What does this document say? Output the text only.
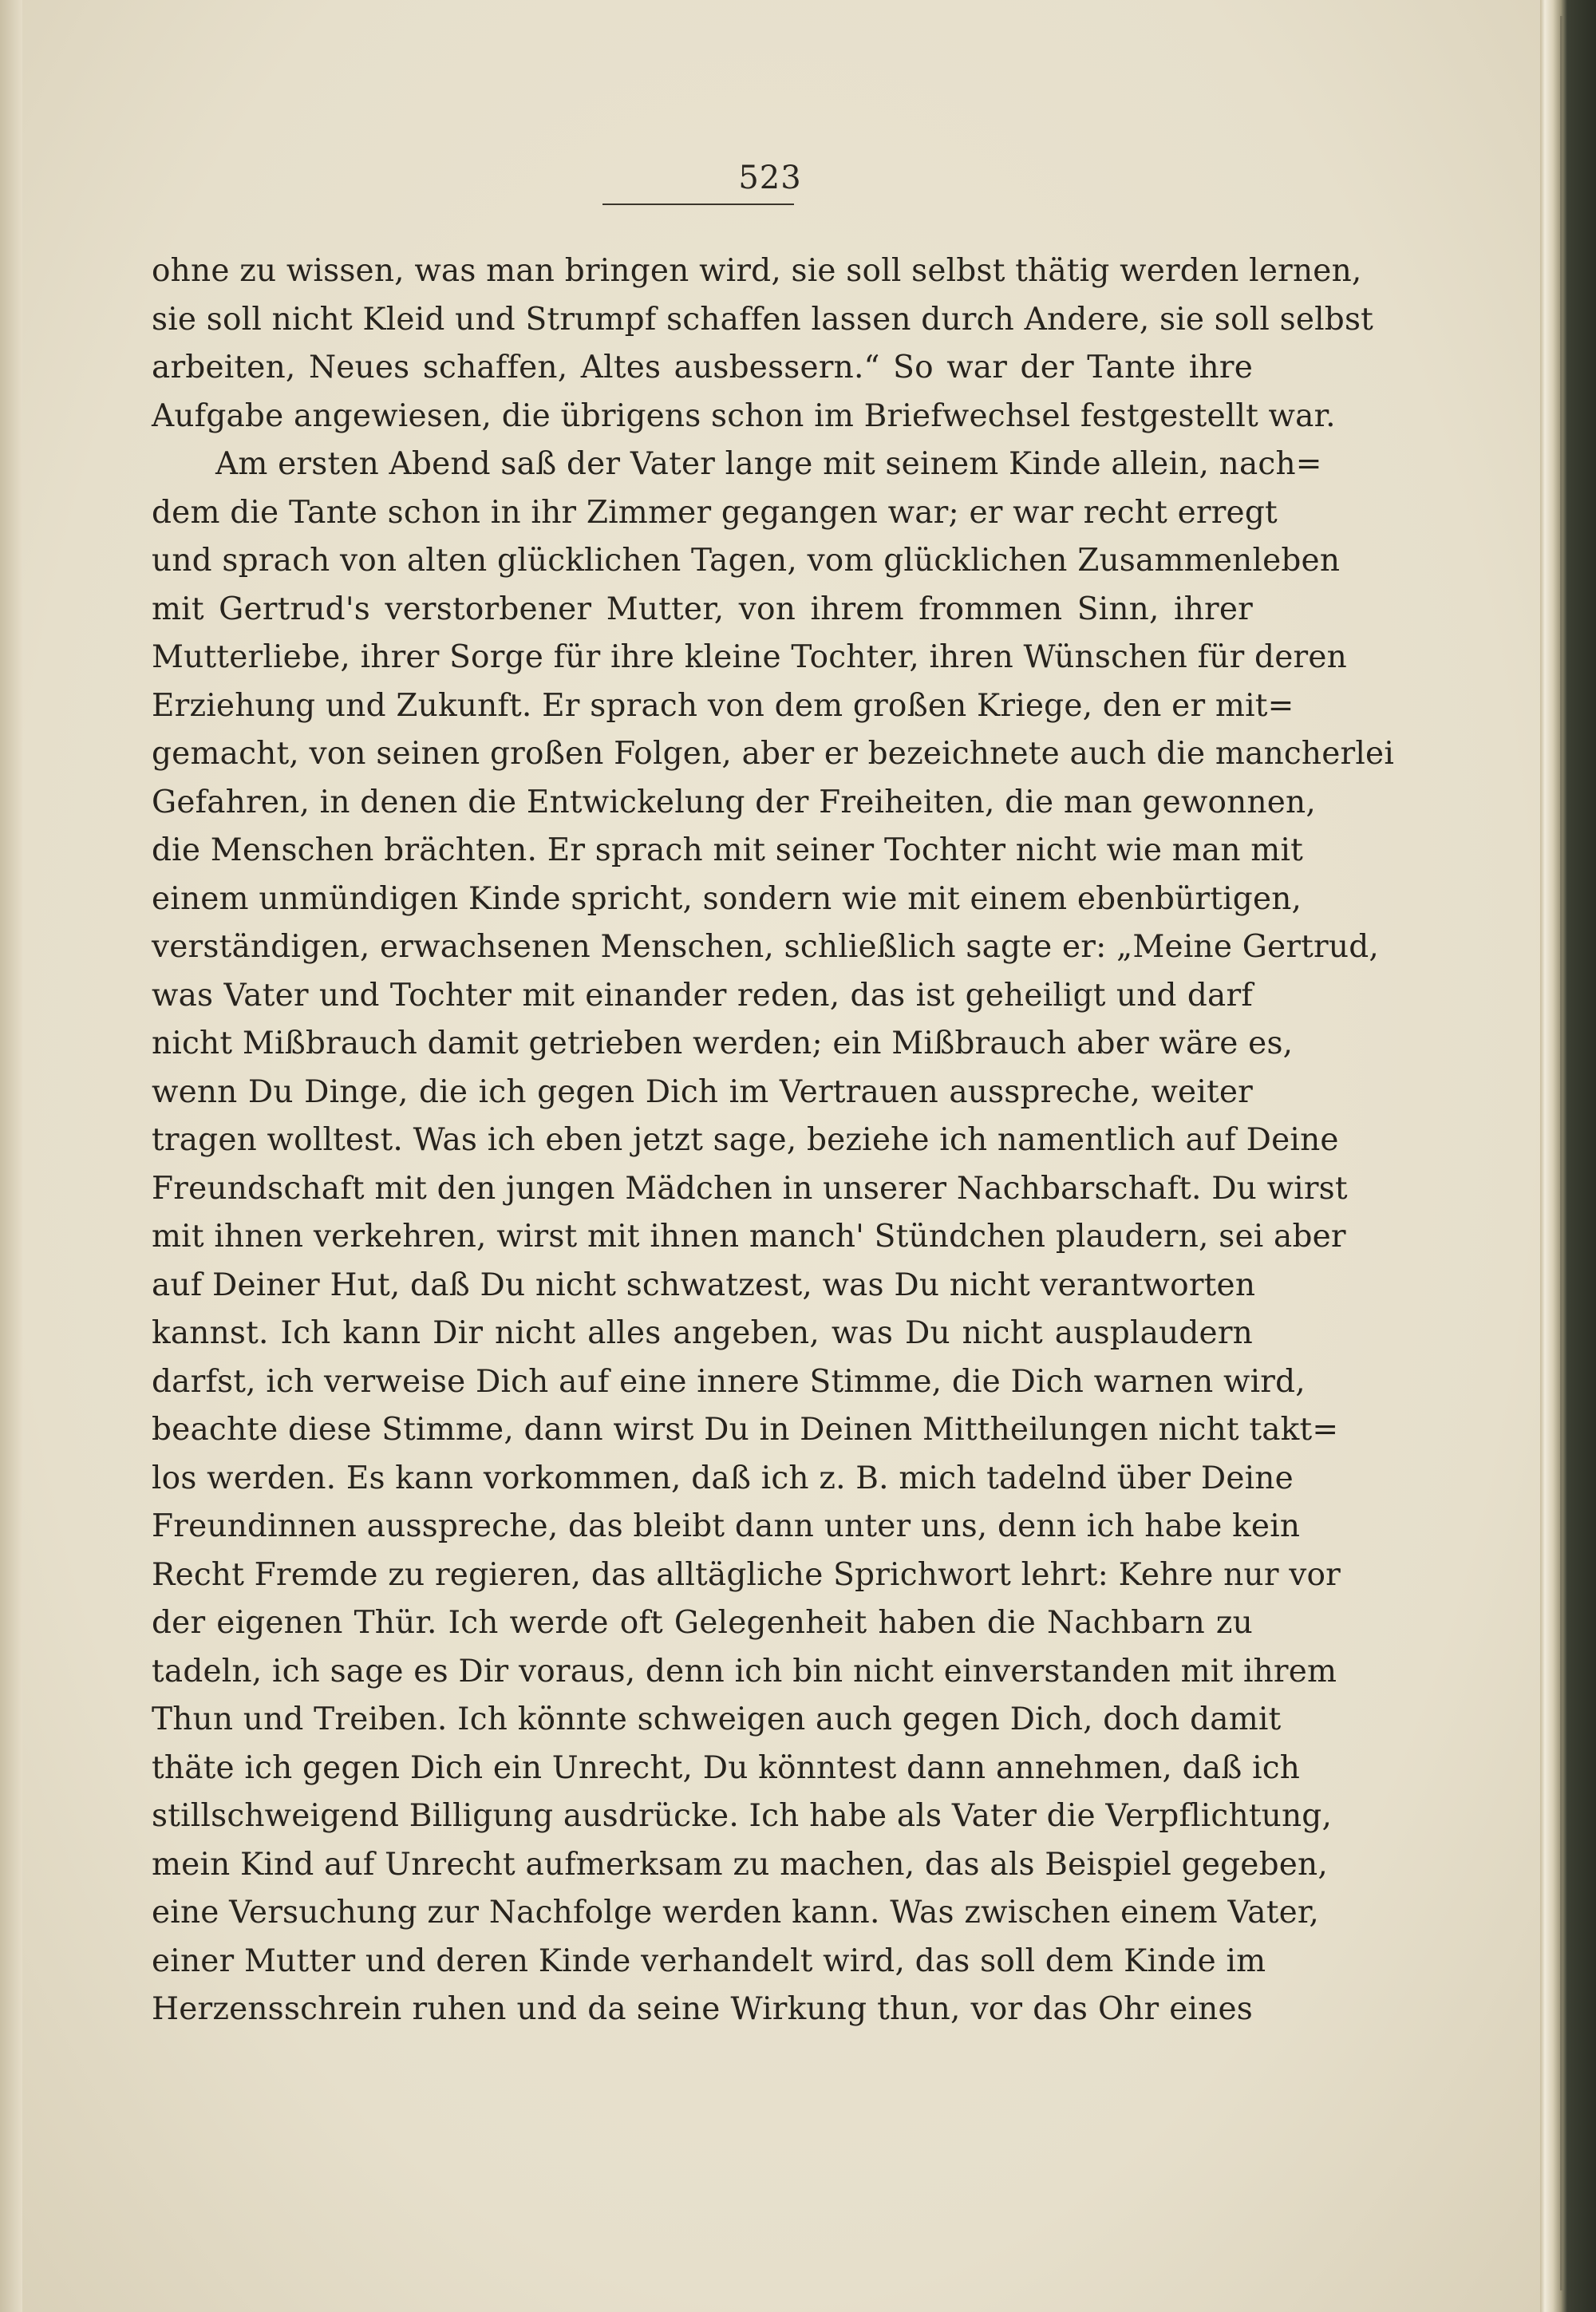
523
ohne zu wissen, was man bringen wird, sie soll selbst thätig werden lernen,
sie soll nicht Kleid und Strumpf schaffen lassen durch Andere, sie soll selbst
arbeiten, Neues schaffen, Altes ausbessern.“ So war der Tante ihre
Aufgabe angewiesen, die übrigens schon im Briefwechsel festgestellt war.
Am ersten Abend saß der Vater lange mit seinem Kinde allein, nach=
dem die Tante schon in ihr Zimmer gegangen war; er war recht erregt
und sprach von alten glücklichen Tagen, vom glücklichen Zusammenleben
mit Gertrud's verstorbener Mutter, von ihrem frommen Sinn, ihrer
Mutterliebe, ihrer Sorge für ihre kleine Tochter, ihren Wünschen für deren
Erziehung und Zukunft. Er sprach von dem großen Kriege, den er mit=
gemacht, von seinen großen Folgen, aber er bezeichnete auch die mancherlei
Gefahren, in denen die Entwickelung der Freiheiten, die man gewonnen,
die Menschen brächten. Er sprach mit seiner Tochter nicht wie man mit
einem unmündigen Kinde spricht, sondern wie mit einem ebenbürtigen,
verständigen, erwachsenen Menschen, schließlich sagte er: „Meine Gertrud,
was Vater und Tochter mit einander reden, das ist geheiligt und darf
nicht Mißbrauch damit getrieben werden; ein Mißbrauch aber wäre es,
wenn Du Dinge, die ich gegen Dich im Vertrauen ausspreche, weiter
tragen wolltest. Was ich eben jetzt sage, beziehe ich namentlich auf Deine
Freundschaft mit den jungen Mädchen in unserer Nachbarschaft. Du wirst
mit ihnen verkehren, wirst mit ihnen manch' Stündchen plaudern, sei aber
auf Deiner Hut, daß Du nicht schwatzest, was Du nicht verantworten
kannst. Ich kann Dir nicht alles angeben, was Du nicht ausplaudern
darfst, ich verweise Dich auf eine innere Stimme, die Dich warnen wird,
beachte diese Stimme, dann wirst Du in Deinen Mittheilungen nicht takt=
los werden. Es kann vorkommen, daß ich z. B. mich tadelnd über Deine
Freundinnen ausspreche, das bleibt dann unter uns, denn ich habe kein
Recht Fremde zu regieren, das alltägliche Sprichwort lehrt: Kehre nur vor
der eigenen Thür. Ich werde oft Gelegenheit haben die Nachbarn zu
tadeln, ich sage es Dir voraus, denn ich bin nicht einverstanden mit ihrem
Thun und Treiben. Ich könnte schweigen auch gegen Dich, doch damit
thäte ich gegen Dich ein Unrecht, Du könntest dann annehmen, daß ich
stillschweigend Billigung ausdrücke. Ich habe als Vater die Verpflichtung,
mein Kind auf Unrecht aufmerksam zu machen, das als Beispiel gegeben,
eine Versuchung zur Nachfolge werden kann. Was zwischen einem Vater,
einer Mutter und deren Kinde verhandelt wird, das soll dem Kinde im
Herzensschrein ruhen und da seine Wirkung thun, vor das Ohr eines
